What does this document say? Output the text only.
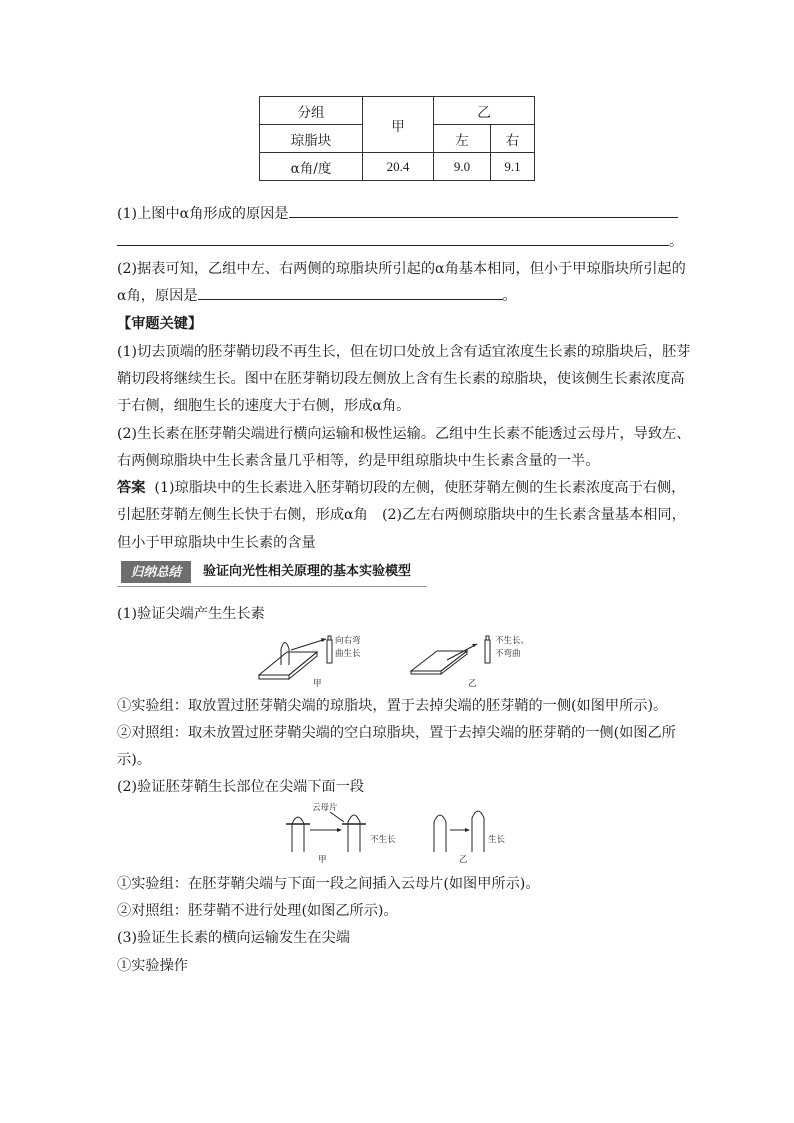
分组	甲	乙	
琼脂块		左	右
α角/度	20.4	9.0	9.1
(1)上图中α角形成的原因是
。
(2)据表可知，乙组中左、右两侧的琼脂块所引起的α角基本相同，但小于甲琼脂块所引起的
α角，原因是	。
【审题关键】
(1)切去顶端的胚芽鞘切段不再生长，但在切口处放上含有适宜浓度生长素的琼脂块后，胚芽
鞘切段将继续生长。图中在胚芽鞘切段左侧放上含有生长素的琼脂块，使该侧生长素浓度高
于右侧，细胞生长的速度大于右侧，形成α角。
(2)生长素在胚芽鞘尖端进行横向运输和极性运输。乙组中生长素不能透过云母片，导致左、
右两侧琼脂块中生长素含量几乎相等，约是甲组琼脂块中生长素含量的一半。
答案 (1)琼脂块中的生长素进入胚芽鞘切段的左侧，使胚芽鞘左侧的生长素浓度高于右侧，
引起胚芽鞘左侧生长快于右侧，形成α角　(2)乙左右两侧琼脂块中的生长素含量基本相同，
但小于甲琼脂块中生长素的含量
归纳总结	验证向光性相关原理的基本实验模型
(1)验证尖端产生生长素
向右弯
曲生长
甲
不生长、
不弯曲
乙
①实验组：取放置过胚芽鞘尖端的琼脂块，置于去掉尖端的胚芽鞘的一侧(如图甲所示)。
②对照组：取未放置过胚芽鞘尖端的空白琼脂块，置于去掉尖端的胚芽鞘的一侧(如图乙所
示)。
(2)验证胚芽鞘生长部位在尖端下面一段
云母片
不生长
甲
生长
乙
①实验组：在胚芽鞘尖端与下面一段之间插入云母片(如图甲所示)。
②对照组：胚芽鞘不进行处理(如图乙所示)。
(3)验证生长素的横向运输发生在尖端
①实验操作
